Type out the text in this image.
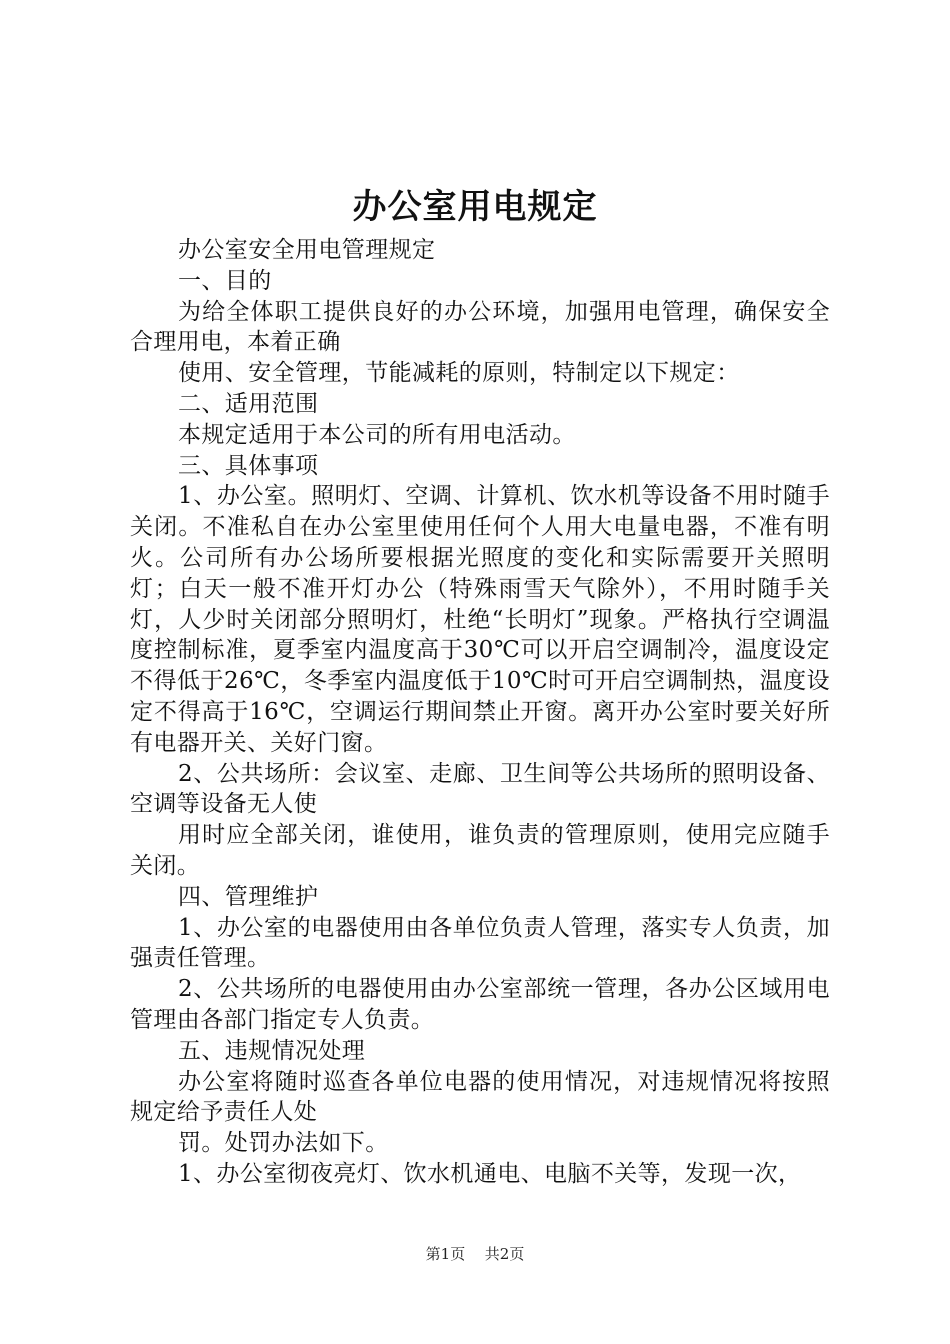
办公室用电规定

办公室安全用电管理规定

一、目的

为给全体职工提供良好的办公环境，加强用电管理，确保安全合理用电，本着正确

使用、安全管理，节能减耗的原则，特制定以下规定：

二、适用范围

本规定适用于本公司的所有用电活动。

三、具体事项

1、办公室。照明灯、空调、计算机、饮水机等设备不用时随手关闭。不准私自在办公室里使用任何个人用大电量电器，不准有明火。公司所有办公场所要根据光照度的变化和实际需要开关照明灯；白天一般不准开灯办公（特殊雨雪天气除外），不用时随手关灯，人少时关闭部分照明灯，杜绝“长明灯”现象。严格执行空调温度控制标准，夏季室内温度高于30℃可以开启空调制冷，温度设定不得低于26℃，冬季室内温度低于10℃时可开启空调制热，温度设定不得高于16℃，空调运行期间禁止开窗。离开办公室时要关好所有电器开关、关好门窗。

2、公共场所：会议室、走廊、卫生间等公共场所的照明设备、空调等设备无人使

用时应全部关闭，谁使用，谁负责的管理原则，使用完应随手关闭。

四、管理维护

1、办公室的电器使用由各单位负责人管理，落实专人负责，加强责任管理。

2、公共场所的电器使用由办公室部统一管理，各办公区域用电管理由各部门指定专人负责。

五、违规情况处理

办公室将随时巡查各单位电器的使用情况，对违规情况将按照规定给予责任人处

罚。处罚办法如下。

1、办公室彻夜亮灯、饮水机通电、电脑不关等，发现一次，

第1页 共2页
